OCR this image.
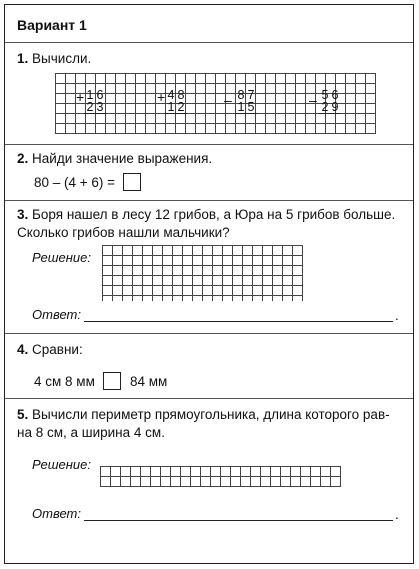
Вариант 1
1. Вычисли.
+ 1 6
2 3
+ 4 8
1 2	– 8 7
1 5	– 5 6
2 9
2. Найди значение выражения.
80 – (4 + 6) =
3. Боря нашел в лесу 12 грибов, а Юра на 5 грибов больше.
Сколько грибов нашли мальчики?
Решение:
Ответ:	.
4. Сравни:
4 см 8 мм	84 мм
5. Вычисли периметр прямоугольника, длина которого рав-
на 8 см, а ширина 4 см.
Решение:
Ответ:	.
